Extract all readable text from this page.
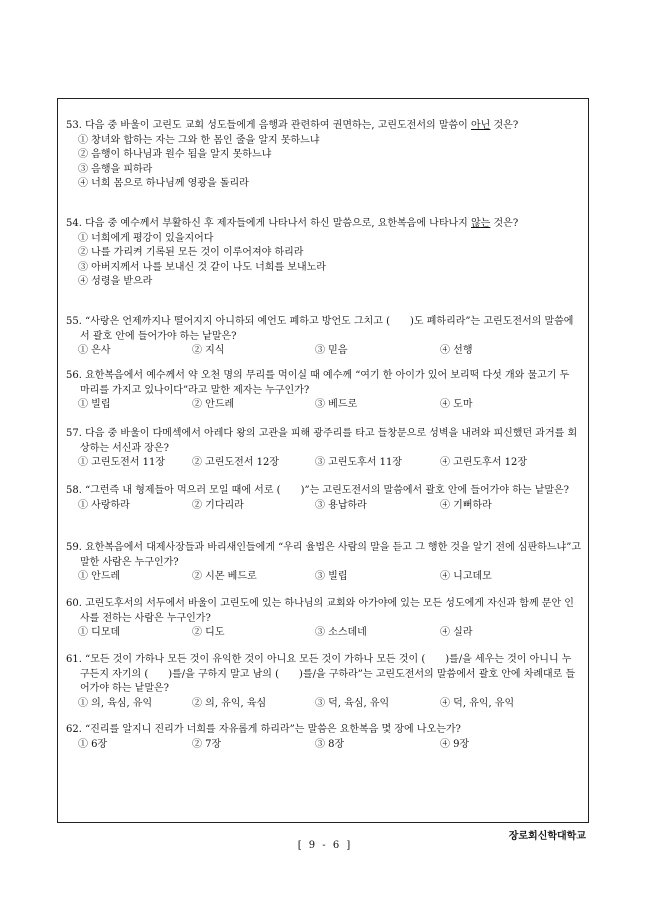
53. 다음 중 바울이 고린도 교회 성도들에게 음행과 관련하여 권면하는, 고린도전서의 말씀이 아닌 것은?
① 창녀와 합하는 자는 그와 한 몸인 줄을 알지 못하느냐
② 음행이 하나님과 원수 됨을 알지 못하느냐
③ 음행을 피하라
④ 너희 몸으로 하나님께 영광을 돌리라
54. 다음 중 예수께서 부활하신 후 제자들에게 나타나서 하신 말씀으로, 요한복음에 나타나지 않는 것은?
① 너희에게 평강이 있을지어다
② 나를 가리켜 기록된 모든 것이 이루어져야 하리라
③ 아버지께서 나를 보내신 것 같이 나도 너희를 보내노라
④ 성령을 받으라
55. “사랑은 언제까지나 떨어지지 아니하되 예언도 폐하고 방언도 그치고 (　　)도 폐하리라”는 고린도전서의 말씀에서 괄호 안에 들어가야 하는 낱말은?
① 은사	② 지식	③ 믿음	④ 선행
56. 요한복음에서 예수께서 약 오천 명의 무리를 먹이실 때 예수께 “여기 한 아이가 있어 보리떡 다섯 개와 물고기 두 마리를 가지고 있나이다”라고 말한 제자는 누구인가?
① 빌립	② 안드레	③ 베드로	④ 도마
57. 다음 중 바울이 다메섹에서 아레다 왕의 고관을 피해 광주리를 타고 들창문으로 성벽을 내려와 피신했던 과거를 회상하는 서신과 장은?
① 고린도전서 11장	② 고린도전서 12장	③ 고린도후서 11장	④ 고린도후서 12장
58. “그런즉 내 형제들아 먹으러 모일 때에 서로 (　　)”는 고린도전서의 말씀에서 괄호 안에 들어가야 하는 낱말은?
① 사랑하라	② 기다리라	③ 용납하라	④ 기뻐하라
59. 요한복음에서 대제사장들과 바리새인들에게 “우리 율법은 사람의 말을 듣고 그 행한 것을 알기 전에 심판하느냐”고 말한 사람은 누구인가?
① 안드레	② 시몬 베드로	③ 빌립	④ 니고데모
60. 고린도후서의 서두에서 바울이 고린도에 있는 하나님의 교회와 아가야에 있는 모든 성도에게 자신과 함께 문안 인사를 전하는 사람은 누구인가?
① 디모데	② 디도	③ 소스데네	④ 실라
61. “모든 것이 가하나 모든 것이 유익한 것이 아니요 모든 것이 가하나 모든 것이 (　　)를/을 세우는 것이 아니니 누구든지 자기의 (　　)를/을 구하지 말고 남의 (　　)를/을 구하라”는 고린도전서의 말씀에서 괄호 안에 차례대로 들어가야 하는 낱말은?
① 의, 육심, 유익	② 의, 유익, 육심	③ 덕, 육심, 유익	④ 덕, 유익, 유익
62. “진리를 알지니 진리가 너희를 자유롭게 하리라”는 말씀은 요한복음 몇 장에 나오는가?
① 6장	② 7장	③ 8장	④ 9장
장로회신학대학교
[ 9 - 6 ]
